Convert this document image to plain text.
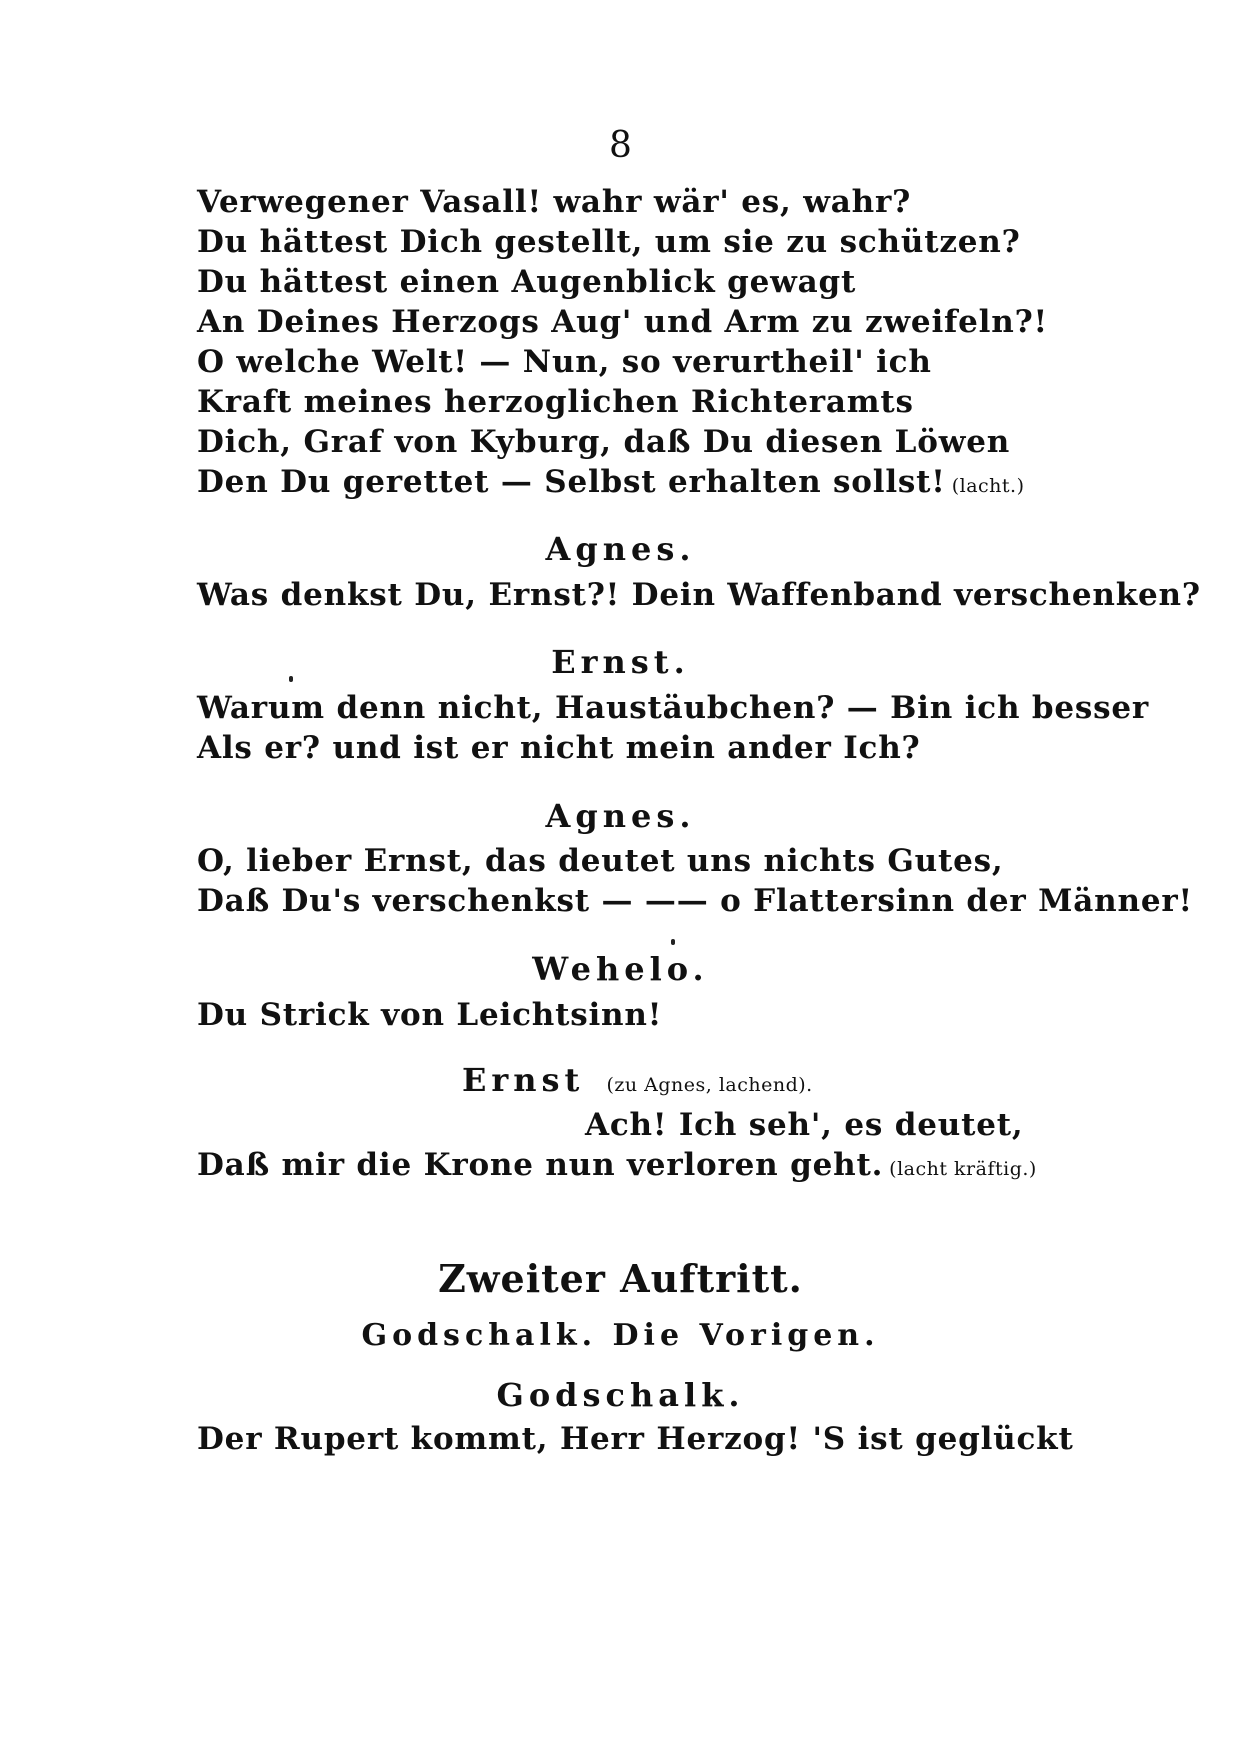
8
Verwegener Vasall! wahr wär' es, wahr?
Du hättest Dich gestellt, um sie zu schützen?
Du hättest einen Augenblick gewagt
An Deines Herzogs Aug' und Arm zu zweifeln?!
O welche Welt! — Nun, so verurtheil' ich
Kraft meines herzoglichen Richteramts
Dich, Graf von Kyburg, daß Du diesen Löwen
Den Du gerettet — Selbst erhalten sollst! (lacht.)
Agnes.
Was denkst Du, Ernst?! Dein Waffenband verschenken?
Ernst.
Warum denn nicht, Haustäubchen? — Bin ich besser
Als er? und ist er nicht mein ander Ich?
Agnes.
O, lieber Ernst, das deutet uns nichts Gutes,
Daß Du's verschenkst — —— o Flattersinn der Männer!
Wehelo.
Du Strick von Leichtsinn!
Ernst (zu Agnes, lachend).
Ach! Ich seh', es deutet,
Daß mir die Krone nun verloren geht. (lacht kräftig.)
Zweiter Auftritt.
Godschalk. Die Vorigen.
Godschalk.
Der Rupert kommt, Herr Herzog! 'S ist geglückt
